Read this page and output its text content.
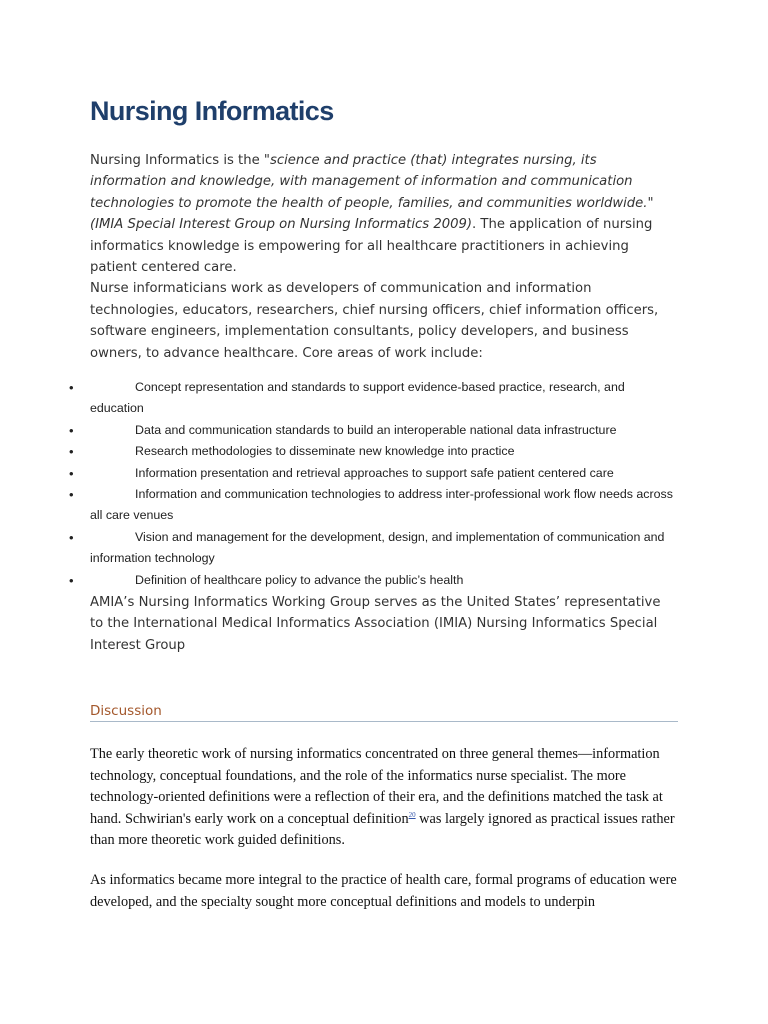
Nursing Informatics

Nursing Informatics is the "science and practice (that) integrates nursing, its information and knowledge, with management of information and communication technologies to promote the health of people, families, and communities worldwide." (IMIA Special Interest Group on Nursing Informatics 2009). The application of nursing informatics knowledge is empowering for all healthcare practitioners in achieving patient centered care.

Nurse informaticians work as developers of communication and information technologies, educators, researchers, chief nursing officers, chief information officers, software engineers, implementation consultants, policy developers, and business owners, to advance healthcare. Core areas of work include:

•	Concept representation and standards to support evidence-based practice, research, and education
•	Data and communication standards to build an interoperable national data infrastructure
•	Research methodologies to disseminate new knowledge into practice
•	Information presentation and retrieval approaches to support safe patient centered care
•	Information and communication technologies to address inter-professional work flow needs across all care venues
•	Vision and management for the development, design, and implementation of communication and information technology
•	Definition of healthcare policy to advance the public’s health

AMIA’s Nursing Informatics Working Group serves as the United States’ representative to the International Medical Informatics Association (IMIA) Nursing Informatics Special Interest Group

Discussion

The early theoretic work of nursing informatics concentrated on three general themes—information technology, conceptual foundations, and the role of the informatics nurse specialist. The more technology-oriented definitions were a reflection of their era, and the definitions matched the task at hand. Schwirian's early work on a conceptual definition$^{20}$ was largely ignored as practical issues rather than more theoretic work guided definitions.

As informatics became more integral to the practice of health care, formal programs of education were developed, and the specialty sought more conceptual definitions and models to underpin
